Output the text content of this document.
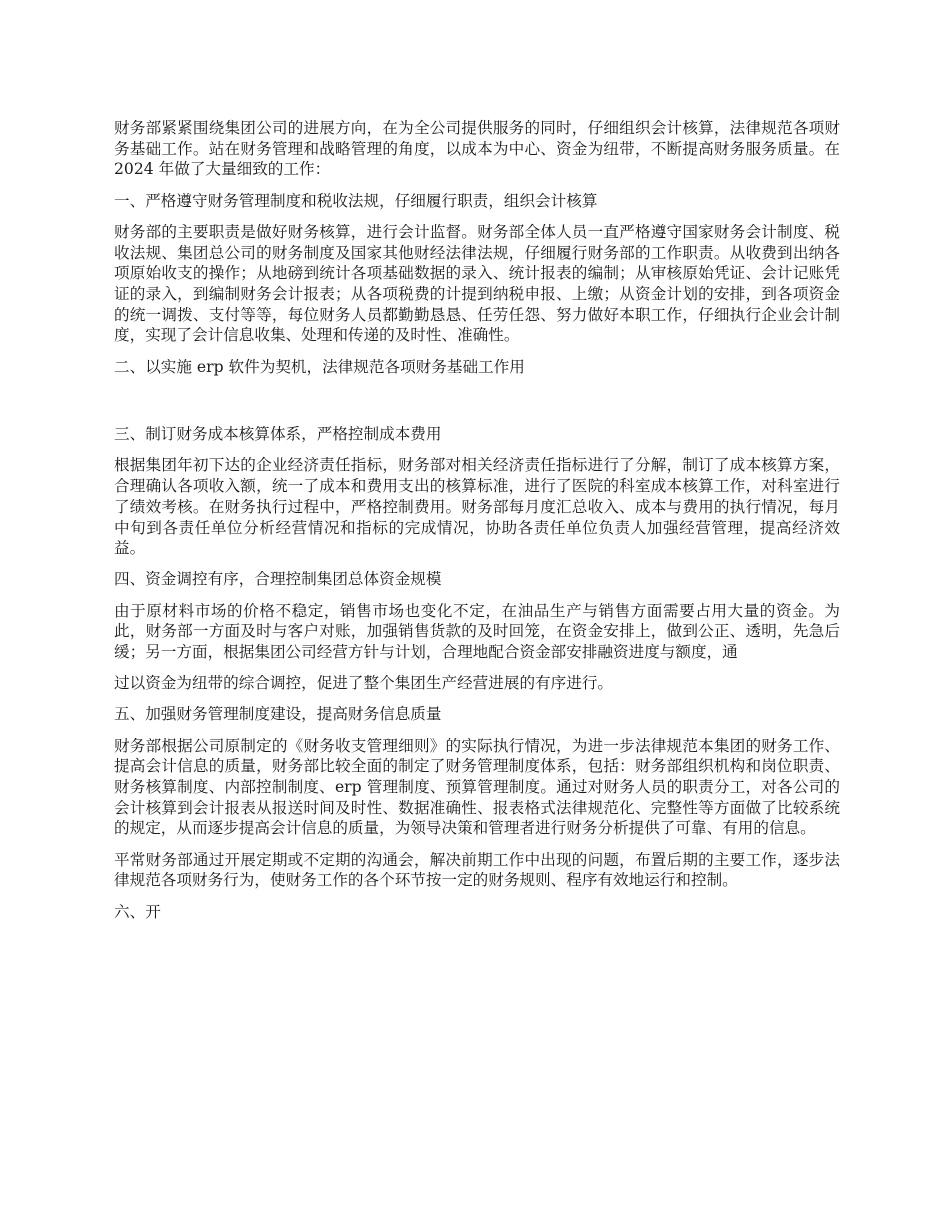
财务部紧紧围绕集团公司的进展方向，在为全公司提供服务的同时，仔细组织会计核算，法律规范各项财务基础工作。站在财务管理和战略管理的角度，以成本为中心、资金为纽带，不断提高财务服务质量。在 2024 年做了大量细致的工作：

一、严格遵守财务管理制度和税收法规，仔细履行职责，组织会计核算

财务部的主要职责是做好财务核算，进行会计监督。财务部全体人员一直严格遵守国家财务会计制度、税收法规、集团总公司的财务制度及国家其他财经法律法规，仔细履行财务部的工作职责。从收费到出纳各项原始收支的操作；从地磅到统计各项基础数据的录入、统计报表的编制；从审核原始凭证、会计记账凭证的录入，到编制财务会计报表；从各项税费的计提到纳税申报、上缴；从资金计划的安排，到各项资金的统一调拨、支付等等，每位财务人员都勤勤恳恳、任劳任怨、努力做好本职工作，仔细执行企业会计制度，实现了会计信息收集、处理和传递的及时性、准确性。

二、以实施 erp 软件为契机，法律规范各项财务基础工作用

三、制订财务成本核算体系，严格控制成本费用

根据集团年初下达的企业经济责任指标，财务部对相关经济责任指标进行了分解，制订了成本核算方案，合理确认各项收入额，统一了成本和费用支出的核算标准，进行了医院的科室成本核算工作，对科室进行了绩效考核。在财务执行过程中，严格控制费用。财务部每月度汇总收入、成本与费用的执行情况，每月中旬到各责任单位分析经营情况和指标的完成情况，协助各责任单位负责人加强经营管理，提高经济效益。

四、资金调控有序，合理控制集团总体资金规模

由于原材料市场的价格不稳定，销售市场也变化不定，在油品生产与销售方面需要占用大量的资金。为此，财务部一方面及时与客户对账，加强销售货款的及时回笼，在资金安排上，做到公正、透明，先急后缓；另一方面，根据集团公司经营方针与计划，合理地配合资金部安排融资进度与额度，通

过以资金为纽带的综合调控，促进了整个集团生产经营进展的有序进行。

五、加强财务管理制度建设，提高财务信息质量

财务部根据公司原制定的《财务收支管理细则》的实际执行情况，为进一步法律规范本集团的财务工作、提高会计信息的质量，财务部比较全面的制定了财务管理制度体系，包括：财务部组织机构和岗位职责、财务核算制度、内部控制制度、erp 管理制度、预算管理制度。通过对财务人员的职责分工，对各公司的会计核算到会计报表从报送时间及时性、数据准确性、报表格式法律规范化、完整性等方面做了比较系统的规定，从而逐步提高会计信息的质量，为领导决策和管理者进行财务分析提供了可靠、有用的信息。

平常财务部通过开展定期或不定期的沟通会，解决前期工作中出现的问题，布置后期的主要工作，逐步法律规范各项财务行为，使财务工作的各个环节按一定的财务规则、程序有效地运行和控制。

六、开
